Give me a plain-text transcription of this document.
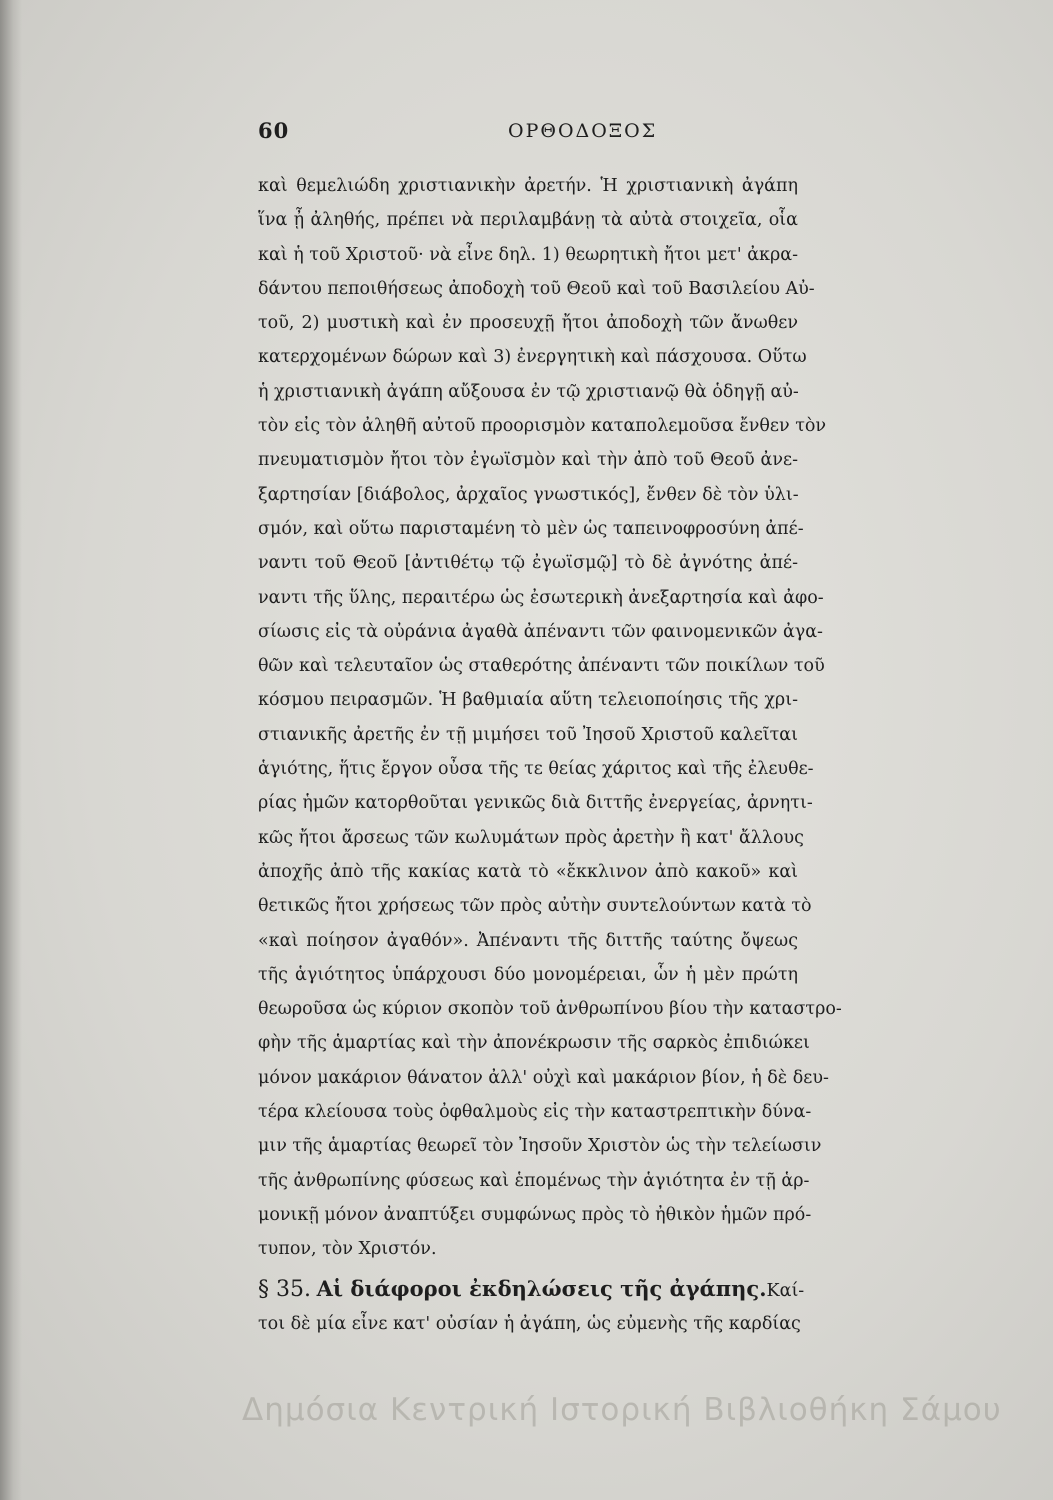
60	ΟΡΘΟΔΟΞΟΣ
καὶ θεμελιώδη χριστιανικὴν ἀρετήν. Ἡ χριστιανικὴ ἀγάπη
ἵνα ᾖ ἀληθής, πρέπει νὰ περιλαμβάνῃ τὰ αὐτὰ στοιχεῖα, οἷα
καὶ ἡ τοῦ Χριστοῦ· νὰ εἶνε δηλ. 1) θεωρητικὴ ἤτοι μετ' ἀκρα-
δάντου πεποιθήσεως ἀποδοχὴ τοῦ Θεοῦ καὶ τοῦ Βασιλείου Αὐ-
τοῦ, 2) μυστικὴ καὶ ἐν προσευχῇ ἤτοι ἀποδοχὴ τῶν ἄνωθεν
κατερχομένων δώρων καὶ 3) ἐνεργητικὴ καὶ πάσχουσα. Οὕτω
ἡ χριστιανικὴ ἀγάπη αὔξουσα ἐν τῷ χριστιανῷ θὰ ὁδηγῇ αὐ-
τὸν εἰς τὸν ἀληθῆ αὐτοῦ προορισμὸν καταπολεμοῦσα ἔνθεν τὸν
πνευματισμὸν ἤτοι τὸν ἐγωϊσμὸν καὶ τὴν ἀπὸ τοῦ Θεοῦ ἀνε-
ξαρτησίαν [διάβολος, ἀρχαῖος γνωστικός], ἔνθεν δὲ τὸν ὑλι-
σμόν, καὶ οὕτω παρισταμένη τὸ μὲν ὡς ταπεινοφροσύνη ἀπέ-
ναντι τοῦ Θεοῦ [ἀντιθέτῳ τῷ ἐγωϊσμῷ] τὸ δὲ ἀγνότης ἀπέ-
ναντι τῆς ὕλης, περαιτέρω ὡς ἐσωτερικὴ ἀνεξαρτησία καὶ ἀφο-
σίωσις εἰς τὰ οὐράνια ἀγαθὰ ἀπέναντι τῶν φαινομενικῶν ἀγα-
θῶν καὶ τελευταῖον ὡς σταθερότης ἀπέναντι τῶν ποικίλων τοῦ
κόσμου πειρασμῶν. Ἡ βαθμιαία αὕτη τελειοποίησις τῆς χρι-
στιανικῆς ἀρετῆς ἐν τῇ μιμήσει τοῦ Ἰησοῦ Χριστοῦ καλεῖται
ἁγιότης, ἥτις ἔργον οὖσα τῆς τε θείας χάριτος καὶ τῆς ἐλευθε-
ρίας ἡμῶν κατορθοῦται γενικῶς διὰ διττῆς ἐνεργείας, ἀρνητι-
κῶς ἤτοι ἄρσεως τῶν κωλυμάτων πρὸς ἀρετὴν ἢ κατ' ἄλλους
ἀποχῆς ἀπὸ τῆς κακίας κατὰ τὸ «ἔκκλινον ἀπὸ κακοῦ» καὶ
θετικῶς ἤτοι χρήσεως τῶν πρὸς αὐτὴν συντελούντων κατὰ τὸ
«καὶ ποίησον ἀγαθόν». Ἀπέναντι τῆς διττῆς ταύτης ὄψεως
τῆς ἁγιότητος ὑπάρχουσι δύο μονομέρειαι, ὧν ἡ μὲν πρώτη
θεωροῦσα ὡς κύριον σκοπὸν τοῦ ἀνθρωπίνου βίου τὴν καταστρο-
φὴν τῆς ἁμαρτίας καὶ τὴν ἀπονέκρωσιν τῆς σαρκὸς ἐπιδιώκει
μόνον μακάριον θάνατον ἀλλ' οὐχὶ καὶ μακάριον βίον, ἡ δὲ δευ-
τέρα κλείουσα τοὺς ὀφθαλμοὺς εἰς τὴν καταστρεπτικὴν δύνα-
μιν τῆς ἁμαρτίας θεωρεῖ τὸν Ἰησοῦν Χριστὸν ὡς τὴν τελείωσιν
τῆς ἀνθρωπίνης φύσεως καὶ ἑπομένως τὴν ἁγιότητα ἐν τῇ ἁρ-
μονικῇ μόνον ἀναπτύξει συμφώνως πρὸς τὸ ἠθικὸν ἡμῶν πρό-
τυπον, τὸν Χριστόν.
§ 35. Αἱ διάφοροι ἐκδηλώσεις τῆς ἀγάπης.Καί-
τοι δὲ μία εἶνε κατ' οὐσίαν ἡ ἀγάπη, ὡς εὐμενὴς τῆς καρδίας
Δημόσια Κεντρική Ιστορική Βιβλιοθήκη Σάμου
